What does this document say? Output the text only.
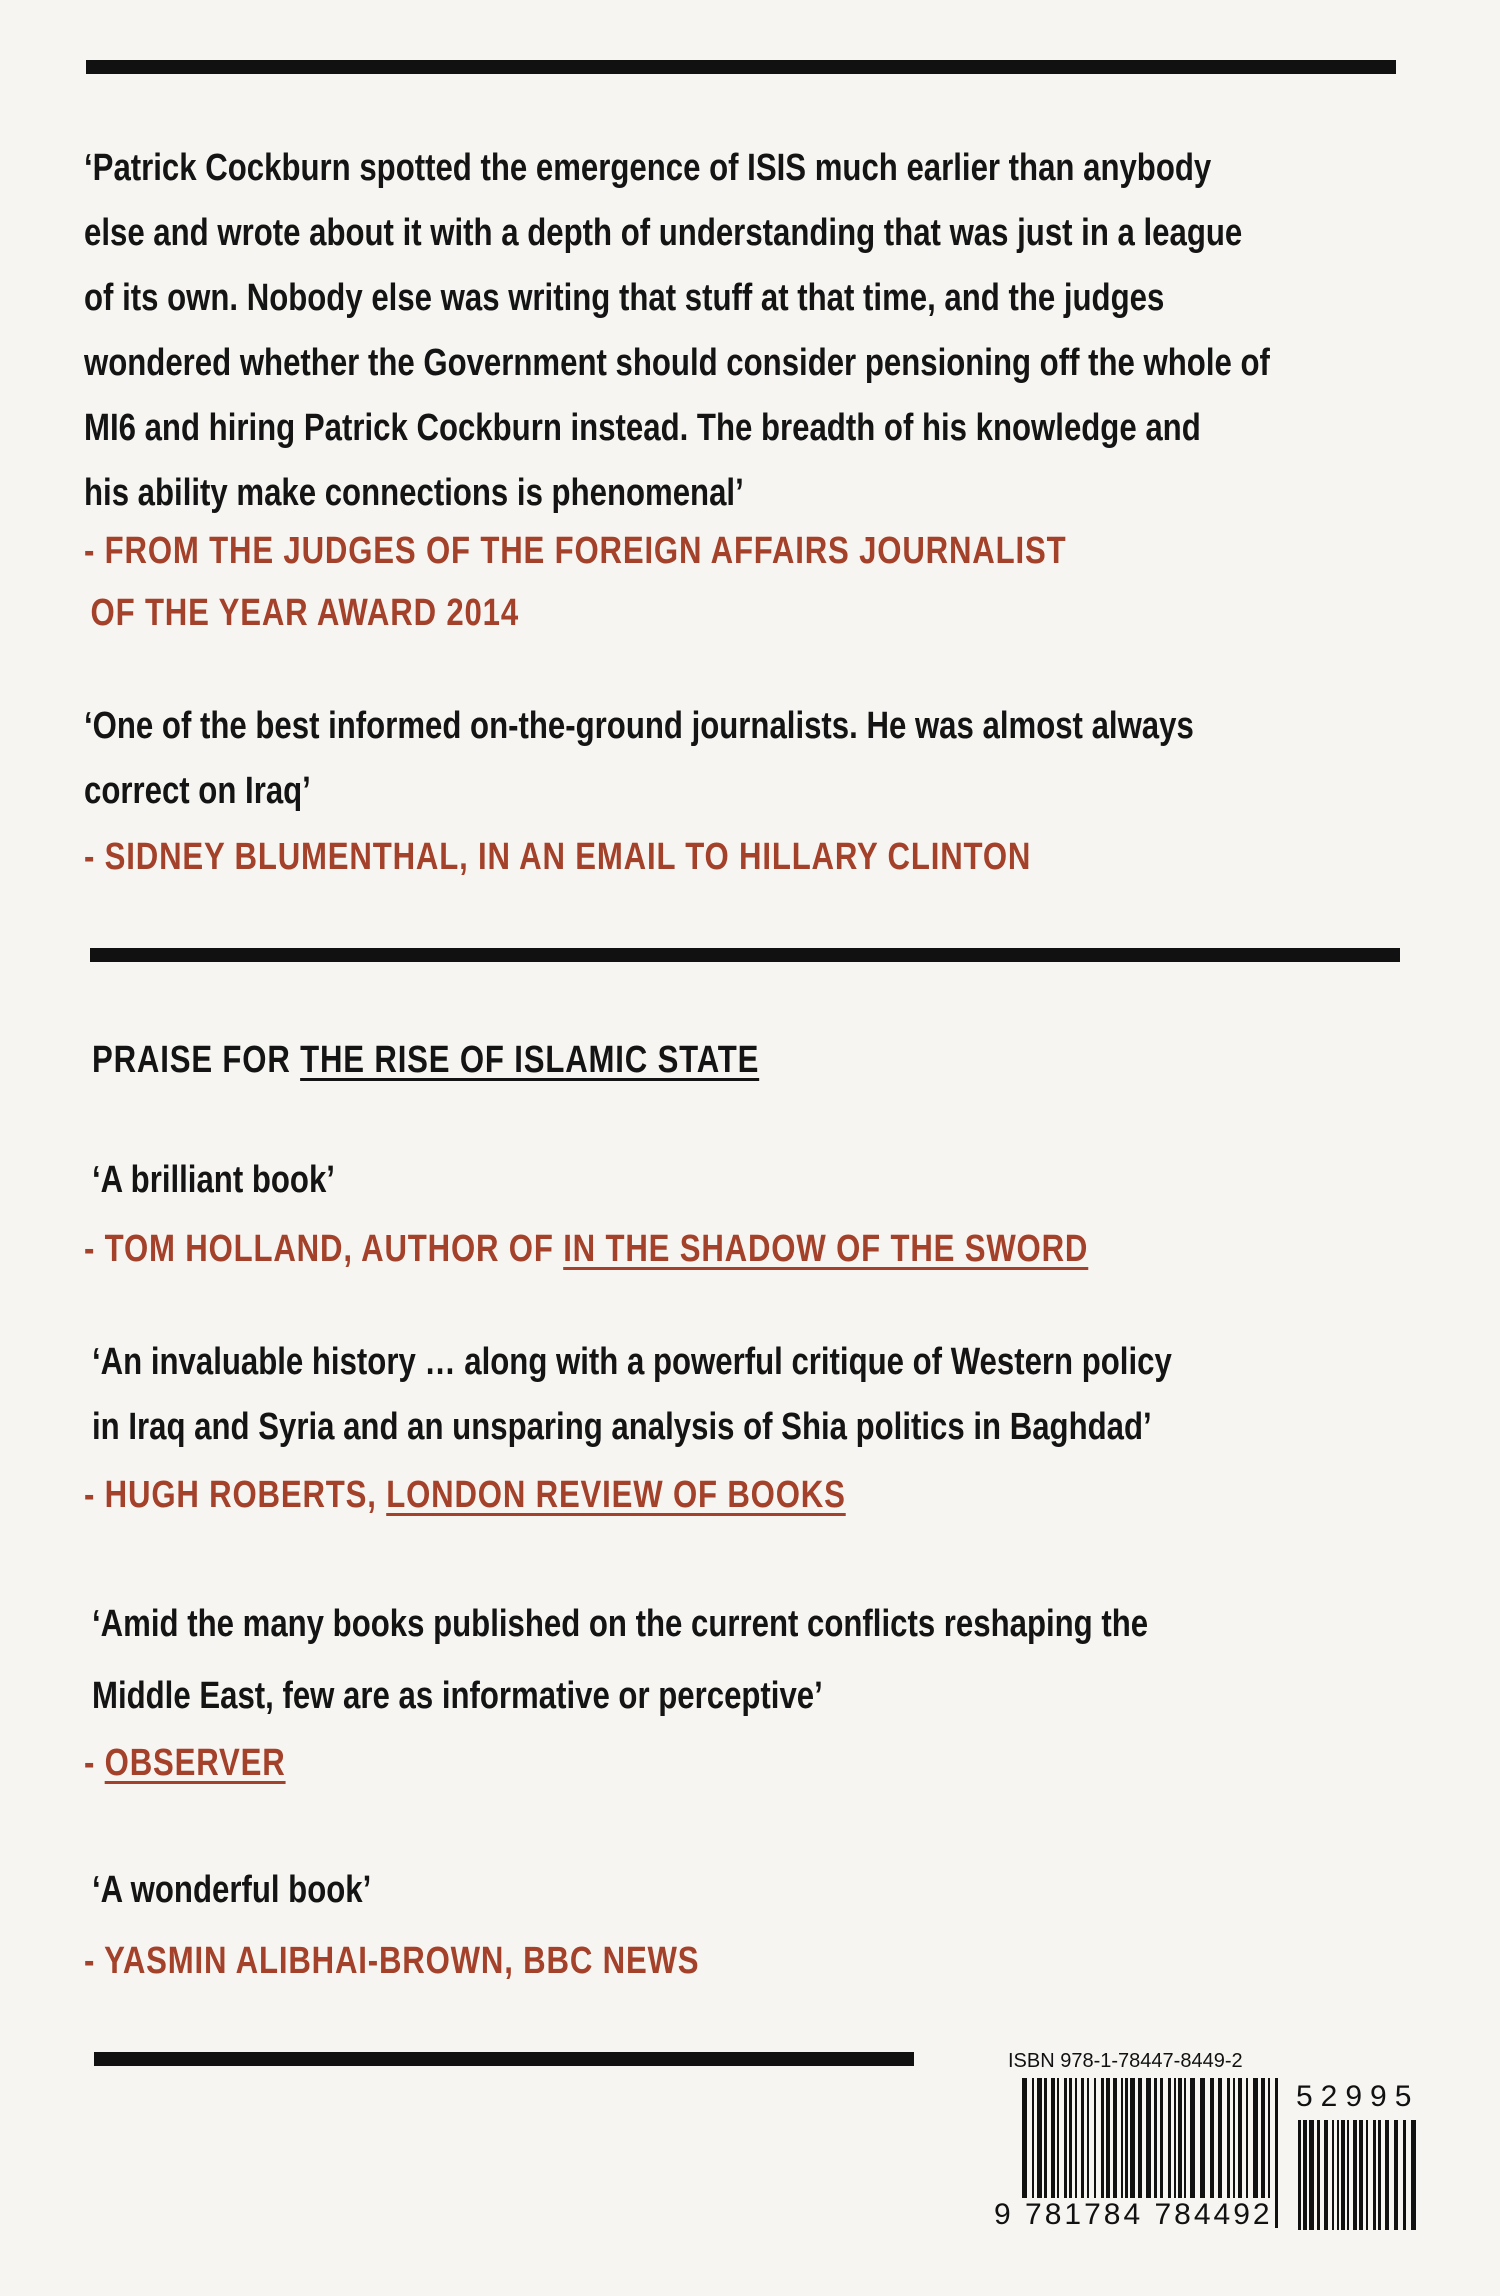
‘Patrick Cockburn spotted the emergence of ISIS much earlier than anybody

else and wrote about it with a depth of understanding that was just in a league

of its own. Nobody else was writing that stuff at that time, and the judges

wondered whether the Government should consider pensioning off the whole of

MI6 and hiring Patrick Cockburn instead. The breadth of his knowledge and

his ability make connections is phenomenal’

- FROM THE JUDGES OF THE FOREIGN AFFAIRS JOURNALIST

OF THE YEAR AWARD 2014

‘One of the best informed on-the-ground journalists. He was almost always

correct on Iraq’

- SIDNEY BLUMENTHAL, IN AN EMAIL TO HILLARY CLINTON

PRAISE FOR THE RISE OF ISLAMIC STATE

‘A brilliant book’

- TOM HOLLAND, AUTHOR OF IN THE SHADOW OF THE SWORD

‘An invaluable history … along with a powerful critique of Western policy

in Iraq and Syria and an unsparing analysis of Shia politics in Baghdad’

- HUGH ROBERTS, LONDON REVIEW OF BOOKS

‘Amid the many books published on the current conflicts reshaping the

Middle East, few are as informative or perceptive’

- OBSERVER

‘A wonderful book’

- YASMIN ALIBHAI-BROWN, BBC NEWS

ISBN 978-1-78447-8449-2
52995
9 781784 784492
